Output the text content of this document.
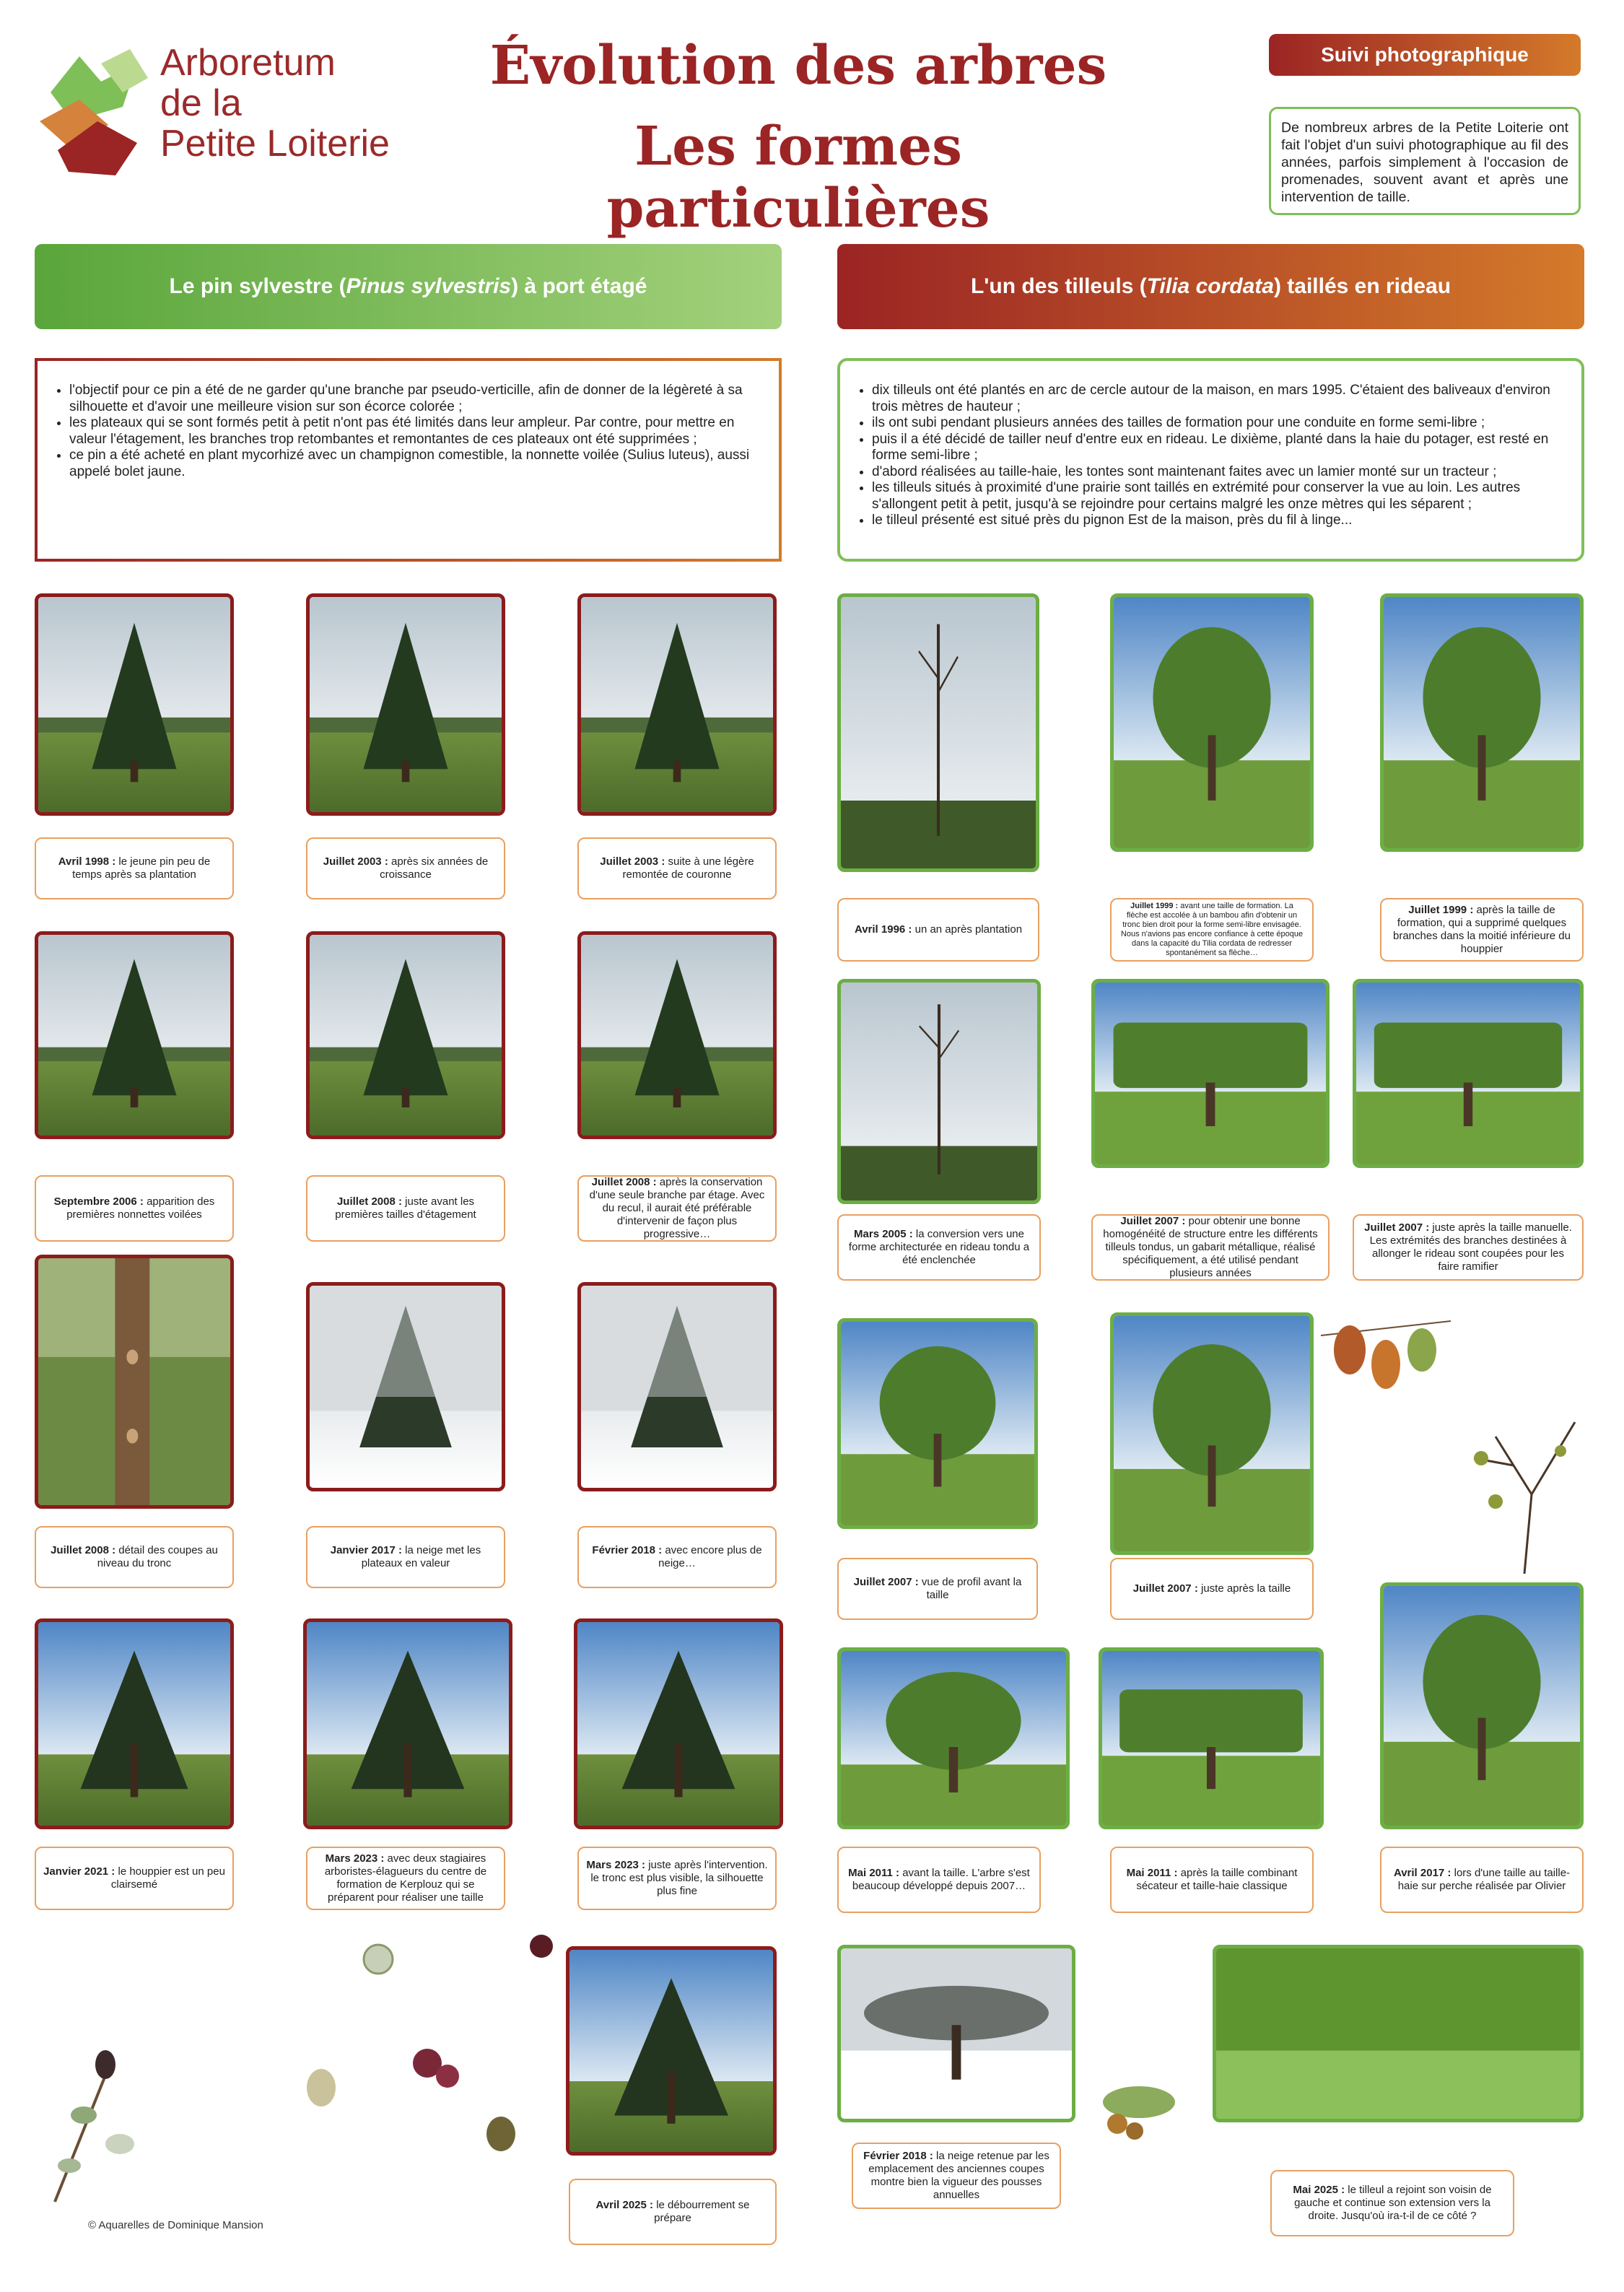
Arboretum
de la
Petite Loiterie
Évolution des arbres
Les formes particulières
Suivi photographique
De nombreux arbres de la Petite Loiterie ont fait l'objet d'un suivi photographique au fil des années, parfois simplement à l'occasion de promenades, souvent avant et après une intervention de taille.
Le pin sylvestre (Pinus sylvestris) à port étagé	L'un des tilleuls (Tilia cordata) taillés en rideau
• l'objectif pour ce pin a été de ne garder qu'une branche par pseudo-verticille, afin de donner de la légèreté à sa silhouette et d'avoir une meilleure vision sur son écorce colorée ;
• les plateaux qui se sont formés petit à petit n'ont pas été limités dans leur ampleur. Par contre, pour mettre en valeur l'étagement, les branches trop retombantes et remontantes de ces plateaux ont été supprimées ;
• ce pin a été acheté en plant mycorhizé avec un champignon comestible, la nonnette voilée (Sulius luteus), aussi appelé bolet jaune.
• dix tilleuls ont été plantés en arc de cercle autour de la maison, en mars 1995. C'étaient des baliveaux d'environ trois mètres de hauteur ;
• ils ont subi pendant plusieurs années des tailles de formation pour une conduite en forme semi-libre ;
• puis il a été décidé de tailler neuf d'entre eux en rideau. Le dixième, planté dans la haie du potager, est resté en forme semi-libre ;
• d'abord réalisées au taille-haie, les tontes sont maintenant faites avec un lamier monté sur un tracteur ;
• les tilleuls situés à proximité d'une prairie sont taillés en extrémité pour conserver la vue au loin. Les autres s'allongent petit à petit, jusqu'à se rejoindre pour certains malgré les onze mètres qui les séparent ;
• le tilleul présenté est situé près du pignon Est de la maison, près du fil à linge...
Avril 1998 : le jeune pin peu de temps après sa plantation
Juillet 2003 : après six années de croissance
Juillet 2003 : suite à une légère remontée de couronne
Septembre 2006 : apparition des premières nonnettes voilées
Juillet 2008 : juste avant les premières tailles d'étagement
Juillet 2008 : après la conservation d'une seule branche par étage. Avec du recul, il aurait été préférable d'intervenir de façon plus progressive…
Juillet 2008 : détail des coupes au niveau du tronc
Janvier 2017 : la neige met les plateaux en valeur
Février 2018 : avec encore plus de neige…
Janvier 2021 : le houppier est un peu clairsemé
Mars 2023 : avec deux stagiaires arboristes-élagueurs du centre de formation de Kerplouz qui se préparent pour réaliser une taille
Mars 2023 : juste après l'intervention. le tronc est plus visible, la silhouette plus fine
Avril 2025 : le débourrement se prépare
© Aquarelles de Dominique Mansion
Avril 1996 : un an après plantation
Juillet 1999 : avant une taille de formation. La flèche est accolée à un bambou afin d'obtenir un tronc bien droit pour la forme semi-libre envisagée. Nous n'avions pas encore confiance à cette époque dans la capacité du Tilia cordata de redresser spontanément sa flèche…
Juillet 1999 : après la taille de formation, qui a supprimé quelques branches dans la moitié inférieure du houppier
Mars 2005 : la conversion vers une forme architecturée en rideau tondu a été enclenchée
Juillet 2007 : pour obtenir une bonne homogénéité de structure entre les différents tilleuls tondus, un gabarit métallique, réalisé spécifiquement, a été utilisé pendant plusieurs années
Juillet 2007 : juste après la taille manuelle. Les extrémités des branches destinées à allonger le rideau sont coupées pour les faire ramifier
Juillet 2007 : vue de profil avant la taille
Juillet 2007 : juste après la taille
Mai 2011 : avant la taille. L'arbre s'est beaucoup développé depuis 2007…
Mai 2011 : après la taille combinant sécateur et taille-haie classique
Avril 2017 : lors d'une taille au taille-haie sur perche réalisée par Olivier
Février 2018 : la neige retenue par les emplacement des anciennes coupes montre bien la vigueur des pousses annuelles	Mai 2025 : le tilleul a rejoint son voisin de gauche et continue son extension vers la droite. Jusqu'où ira-t-il de ce côté ?
